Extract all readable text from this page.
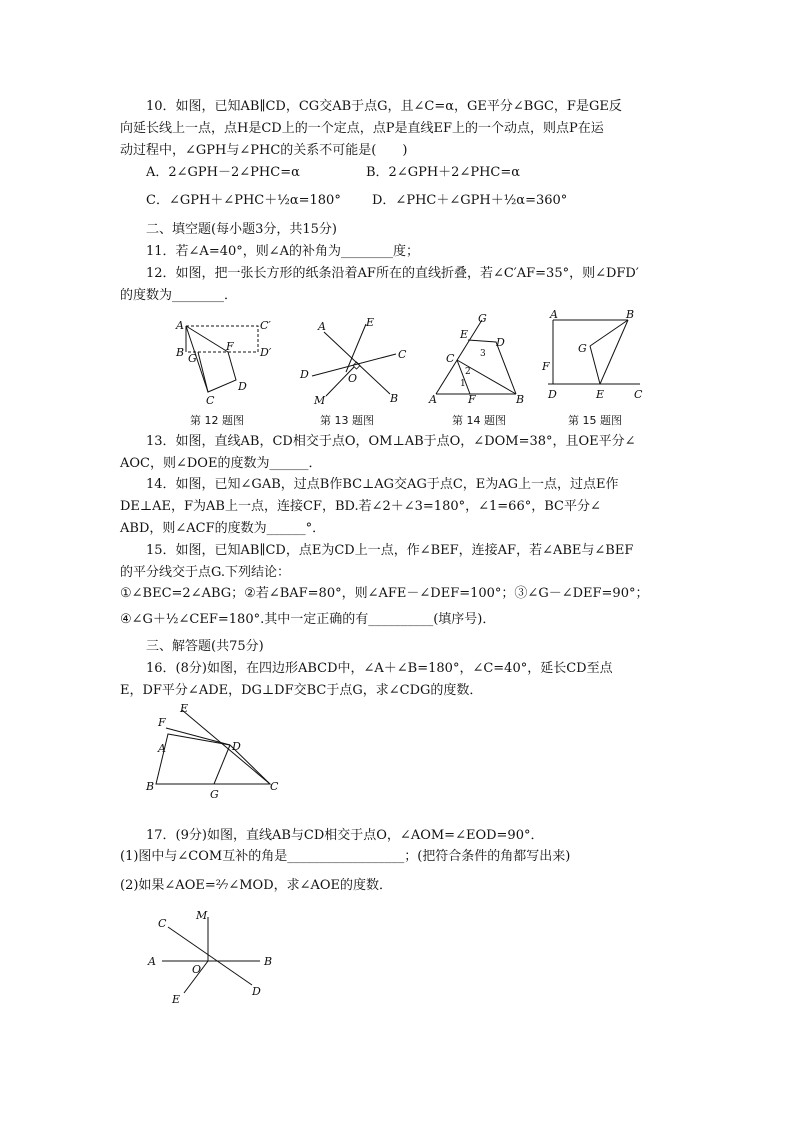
10．如图，已知AB∥CD，CG交AB于点G，且∠C=α，GE平分∠BGC，F是GE反
向延长线上一点，点H是CD上的一个定点，点P是直线EF上的一个动点，则点P在运
动过程中，∠GPH与∠PHC的关系不可能是(　　)
A．2∠GPH－2∠PHC=α	B．2∠GPH＋2∠PHC=α
C．∠GPH＋∠PHC＋½α=180° D．∠PHC＋∠GPH＋½α=360°
二、填空题(每小题3分，共15分)
11．若∠A=40°，则∠A的补角为________度；
12．如图，把一张长方形的纸条沿着AF所在的直线折叠，若∠C′AF=35°，则∠DFD′
的度数为________．
A	C′
B	D′
G
F
C
D
A	E
C
D	O
B
M
G
E
D
3
C
2
1
A	F	B
A	B
G
F
D	E	C
第 12 题图	第 13 题图	第 14 题图	第 15 题图
13．如图，直线AB，CD相交于点O，OM⊥AB于点O，∠DOM=38°，且OE平分∠
AOC，则∠DOE的度数为______．
14．如图，已知∠GAB，过点B作BC⊥AG交AG于点C，E为AG上一点，过点E作
DE⊥AE，F为AB上一点，连接CF，BD.若∠2＋∠3=180°，∠1=66°，BC平分∠
ABD，则∠ACF的度数为______°．
15．如图，已知AB∥CD，点E为CD上一点，作∠BEF，连接AF，若∠ABE与∠BEF
的平分线交于点G.下列结论：
①∠BEC=2∠ABG；②若∠BAF=80°，则∠AFE－∠DEF=100°；③∠G－∠DEF=90°；
④∠G＋½∠CEF=180°.其中一定正确的有__________(填序号)．
三、解答题(共75分)
16．(8分)如图，在四边形ABCD中，∠A＋∠B=180°，∠C=40°，延长CD至点
E，DF平分∠ADE，DG⊥DF交BC于点G，求∠CDG的度数．
E
F
A	D
B
G
C
17．(9分)如图，直线AB与CD相交于点O，∠AOM=∠EOD=90°．
(1)图中与∠COM互补的角是__________________；(把符合条件的角都写出来)
(2)如果∠AOE=²⁄₇∠MOD，求∠AOE的度数．
M
C
A
O
B
E
D
